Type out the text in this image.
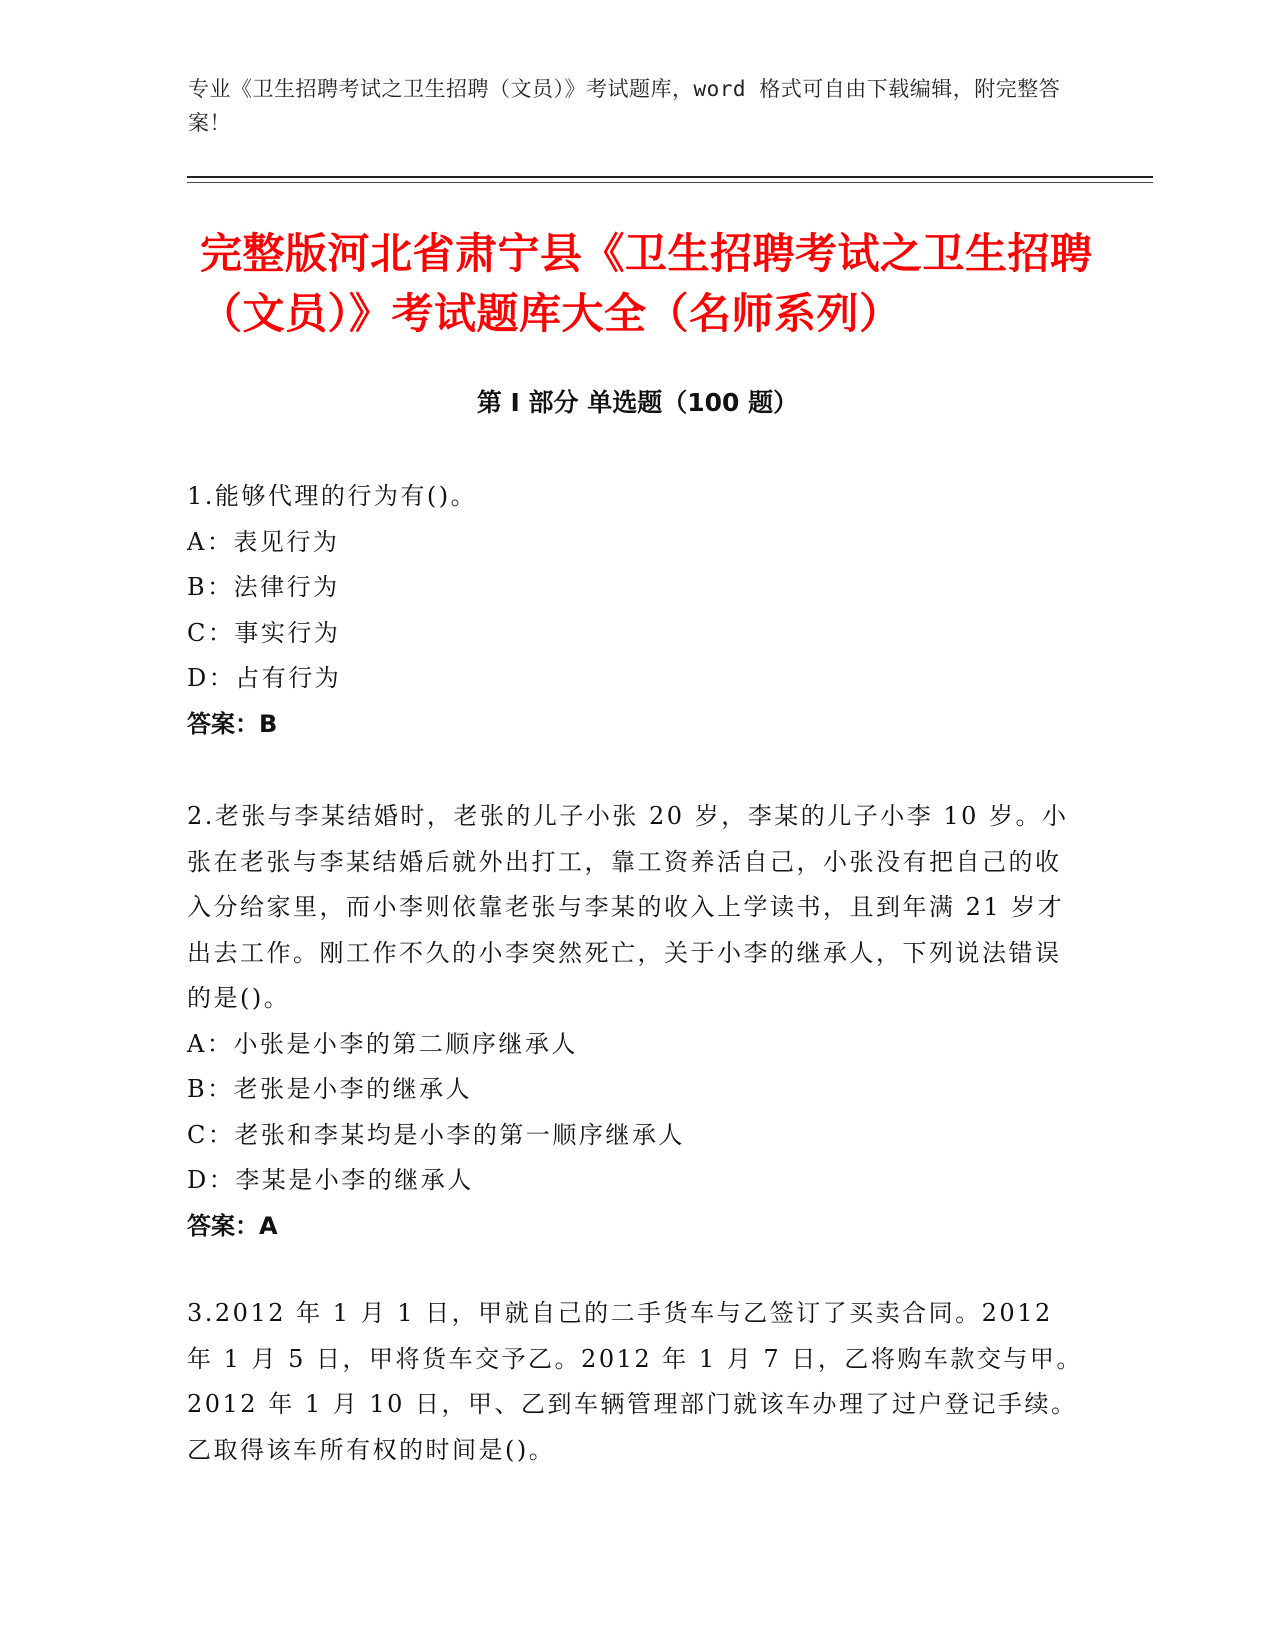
专业《卫生招聘考试之卫生招聘（文员）》考试题库，word 格式可自由下载编辑，附完整答案！
完整版河北省肃宁县《卫生招聘考试之卫生招聘（文员）》考试题库大全（名师系列）
第 I 部分 单选题（100 题）
1.能够代理的行为有()。
A：表见行为
B：法律行为
C：事实行为
D：占有行为
答案：B
2.老张与李某结婚时，老张的儿子小张 20 岁，李某的儿子小李 10 岁。小张在老张与李某结婚后就外出打工，靠工资养活自己，小张没有把自己的收入分给家里，而小李则依靠老张与李某的收入上学读书，且到年满 21 岁才出去工作。刚工作不久的小李突然死亡，关于小李的继承人，下列说法错误的是()。
A：小张是小李的第二顺序继承人
B：老张是小李的继承人
C：老张和李某均是小李的第一顺序继承人
D：李某是小李的继承人
答案：A
3.2012 年 1 月 1 日，甲就自己的二手货车与乙签订了买卖合同。2012 年 1 月 5 日，甲将货车交予乙。2012 年 1 月 7 日，乙将购车款交与甲。2012 年 1 月 10 日，甲、乙到车辆管理部门就该车办理了过户登记手续。乙取得该车所有权的时间是()。
